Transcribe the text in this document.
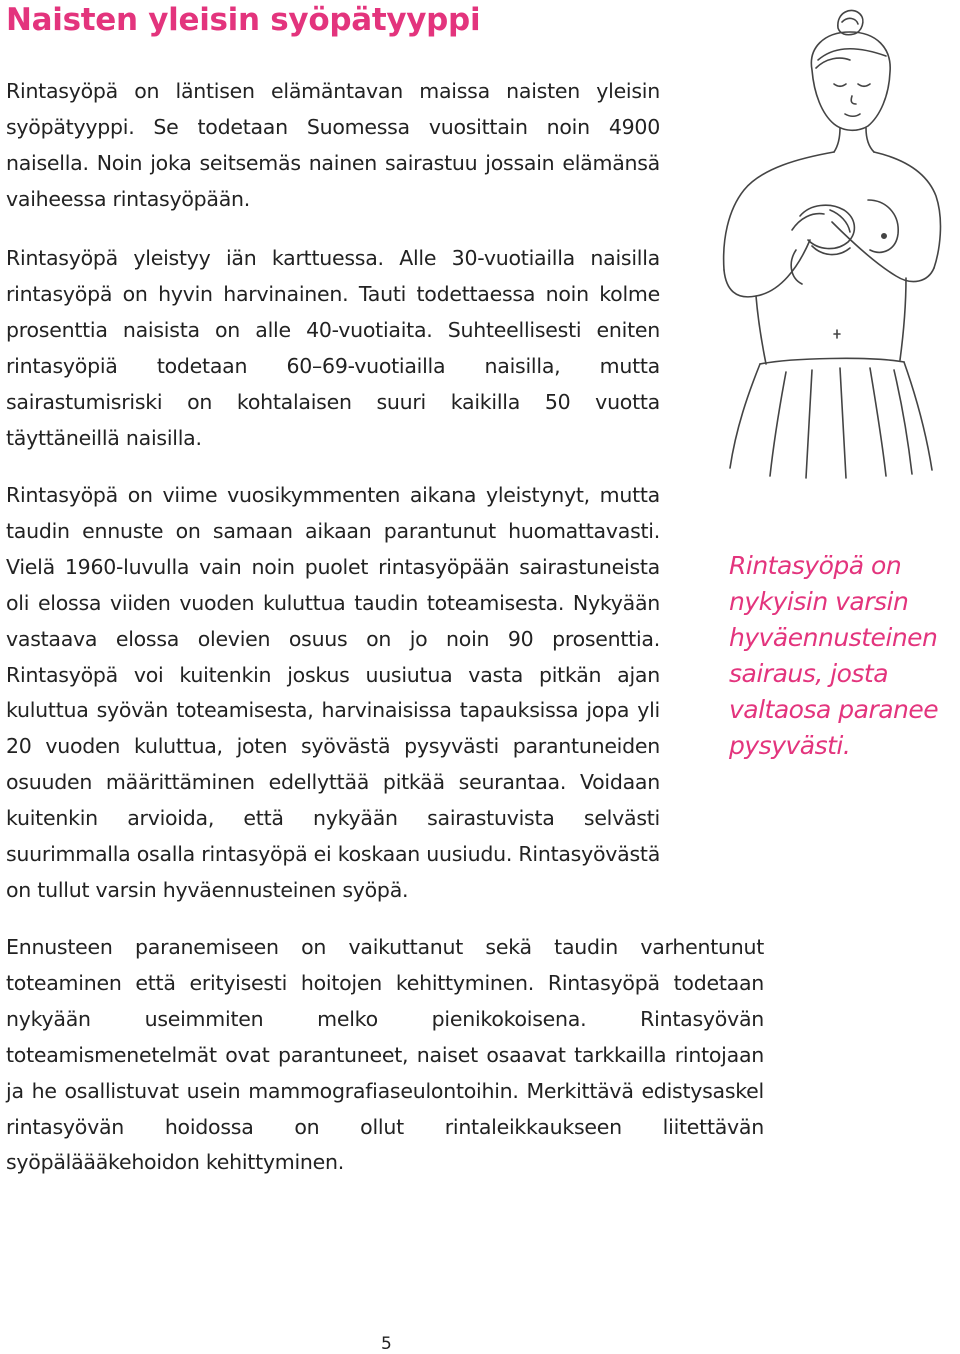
Naisten yleisin syöpätyyppi

Rintasyöpä on läntisen elämäntavan maissa naisten yleisin syöpätyyppi. Se todetaan Suomessa vuosittain noin 4900 naisella. Noin joka seitsemäs nainen sairastuu jossain elämänsä vaiheessa rintasyöpään.

Rintasyöpä yleistyy iän karttuessa. Alle 30-vuotiailla naisilla rintasyöpä on hyvin harvinainen. Tauti todettaessa noin kolme prosenttia naisista on alle 40-vuotiaita. Suhteellisesti eniten rintasyöpiä todetaan 60–69-vuotiailla naisilla, mutta sairastumisriski on kohtalaisen suuri kaikilla 50 vuotta täyttäneillä naisilla.

Rintasyöpä on viime vuosikymmenten aikana yleistynyt, mutta taudin ennuste on samaan aikaan parantunut huomattavasti. Vielä 1960-luvulla vain noin puolet rintasyöpään sairastuneista oli elossa viiden vuoden kuluttua taudin toteamisesta. Nykyään vastaava elossa olevien osuus on jo noin 90 prosenttia. Rintasyöpä voi kuitenkin joskus uusiutua vasta pitkän ajan kuluttua syövän toteamisesta, harvinaisissa tapauksissa jopa yli 20 vuoden kuluttua, joten syövästä pysyvästi parantuneiden osuuden määrittäminen edellyttää pitkää seurantaa. Voidaan kuitenkin arvioida, että nykyään sairastuvista selvästi suurimmalla osalla rintasyöpä ei koskaan uusiudu. Rintasyövästä on tullut varsin hyväennusteinen syöpä.

Ennusteen paranemiseen on vaikuttanut sekä taudin varhentunut toteaminen että erityisesti hoitojen kehittyminen. Rintasyöpä todetaan nykyään useimmiten melko pienikokoisena. Rintasyövän toteamismenetelmät ovat parantuneet, naiset osaavat tarkkailla rintojaan ja he osallistuvat usein mammografiaseulontoihin. Merkittävä edistysaskel rintasyövän hoidossa on ollut rintaleikkaukseen liitettävän syöpäläääkehoidon kehittyminen.

Rintasyöpä on nykyisin varsin hyväennusteinen sairaus, josta valtaosa paranee pysyvästi.

5
